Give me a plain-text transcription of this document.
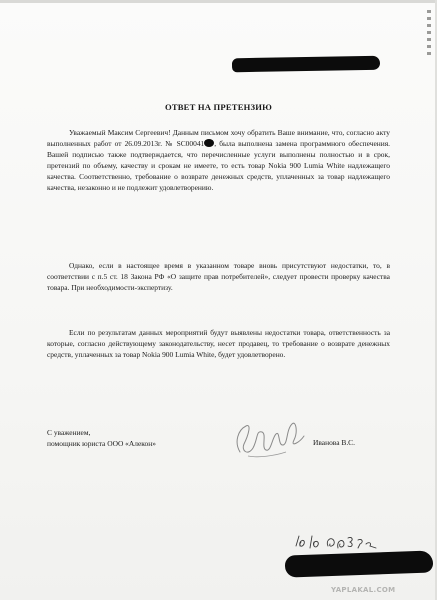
ОТВЕТ НА ПРЕТЕНЗИЮ

Уважаемый Максим Сергеевич! Данным письмом хочу обратить Ваше внимание, что, согласно акту выполненных работ от 26.09.2013г. № SC00041 , была выполнена замена программного обеспечения. Вашей подписью также подтверждается, что перечисленные услуги выполнены полностью и в срок, претензий по объему, качеству и срокам не имеете, то есть товар Nokia 900 Lumia White надлежащего качества. Соответственно, требование о возврате денежных средств, уплаченных за товар надлежащего качества, незаконно и не подлежит удовлетворению.

Однако, если в настоящее время в указанном товаре вновь присутствуют недостатки, то, в соответствии с п.5 ст. 18 Закона РФ «О защите прав потребителей», следует провести проверку качества товара. При необходимости-экспертизу.

Если по результатам данных мероприятий будут выявлены недостатки товара, ответственность за которые, согласно действующему законодательству, несет продавец, то требование о возврате денежных средств, уплаченных за товар Nokia 900 Lumia White, будет удовлетворено.

С уважением,
помощник юриста ООО «Алекон»	Иванова В.С.
YAPLAKAL.COM
